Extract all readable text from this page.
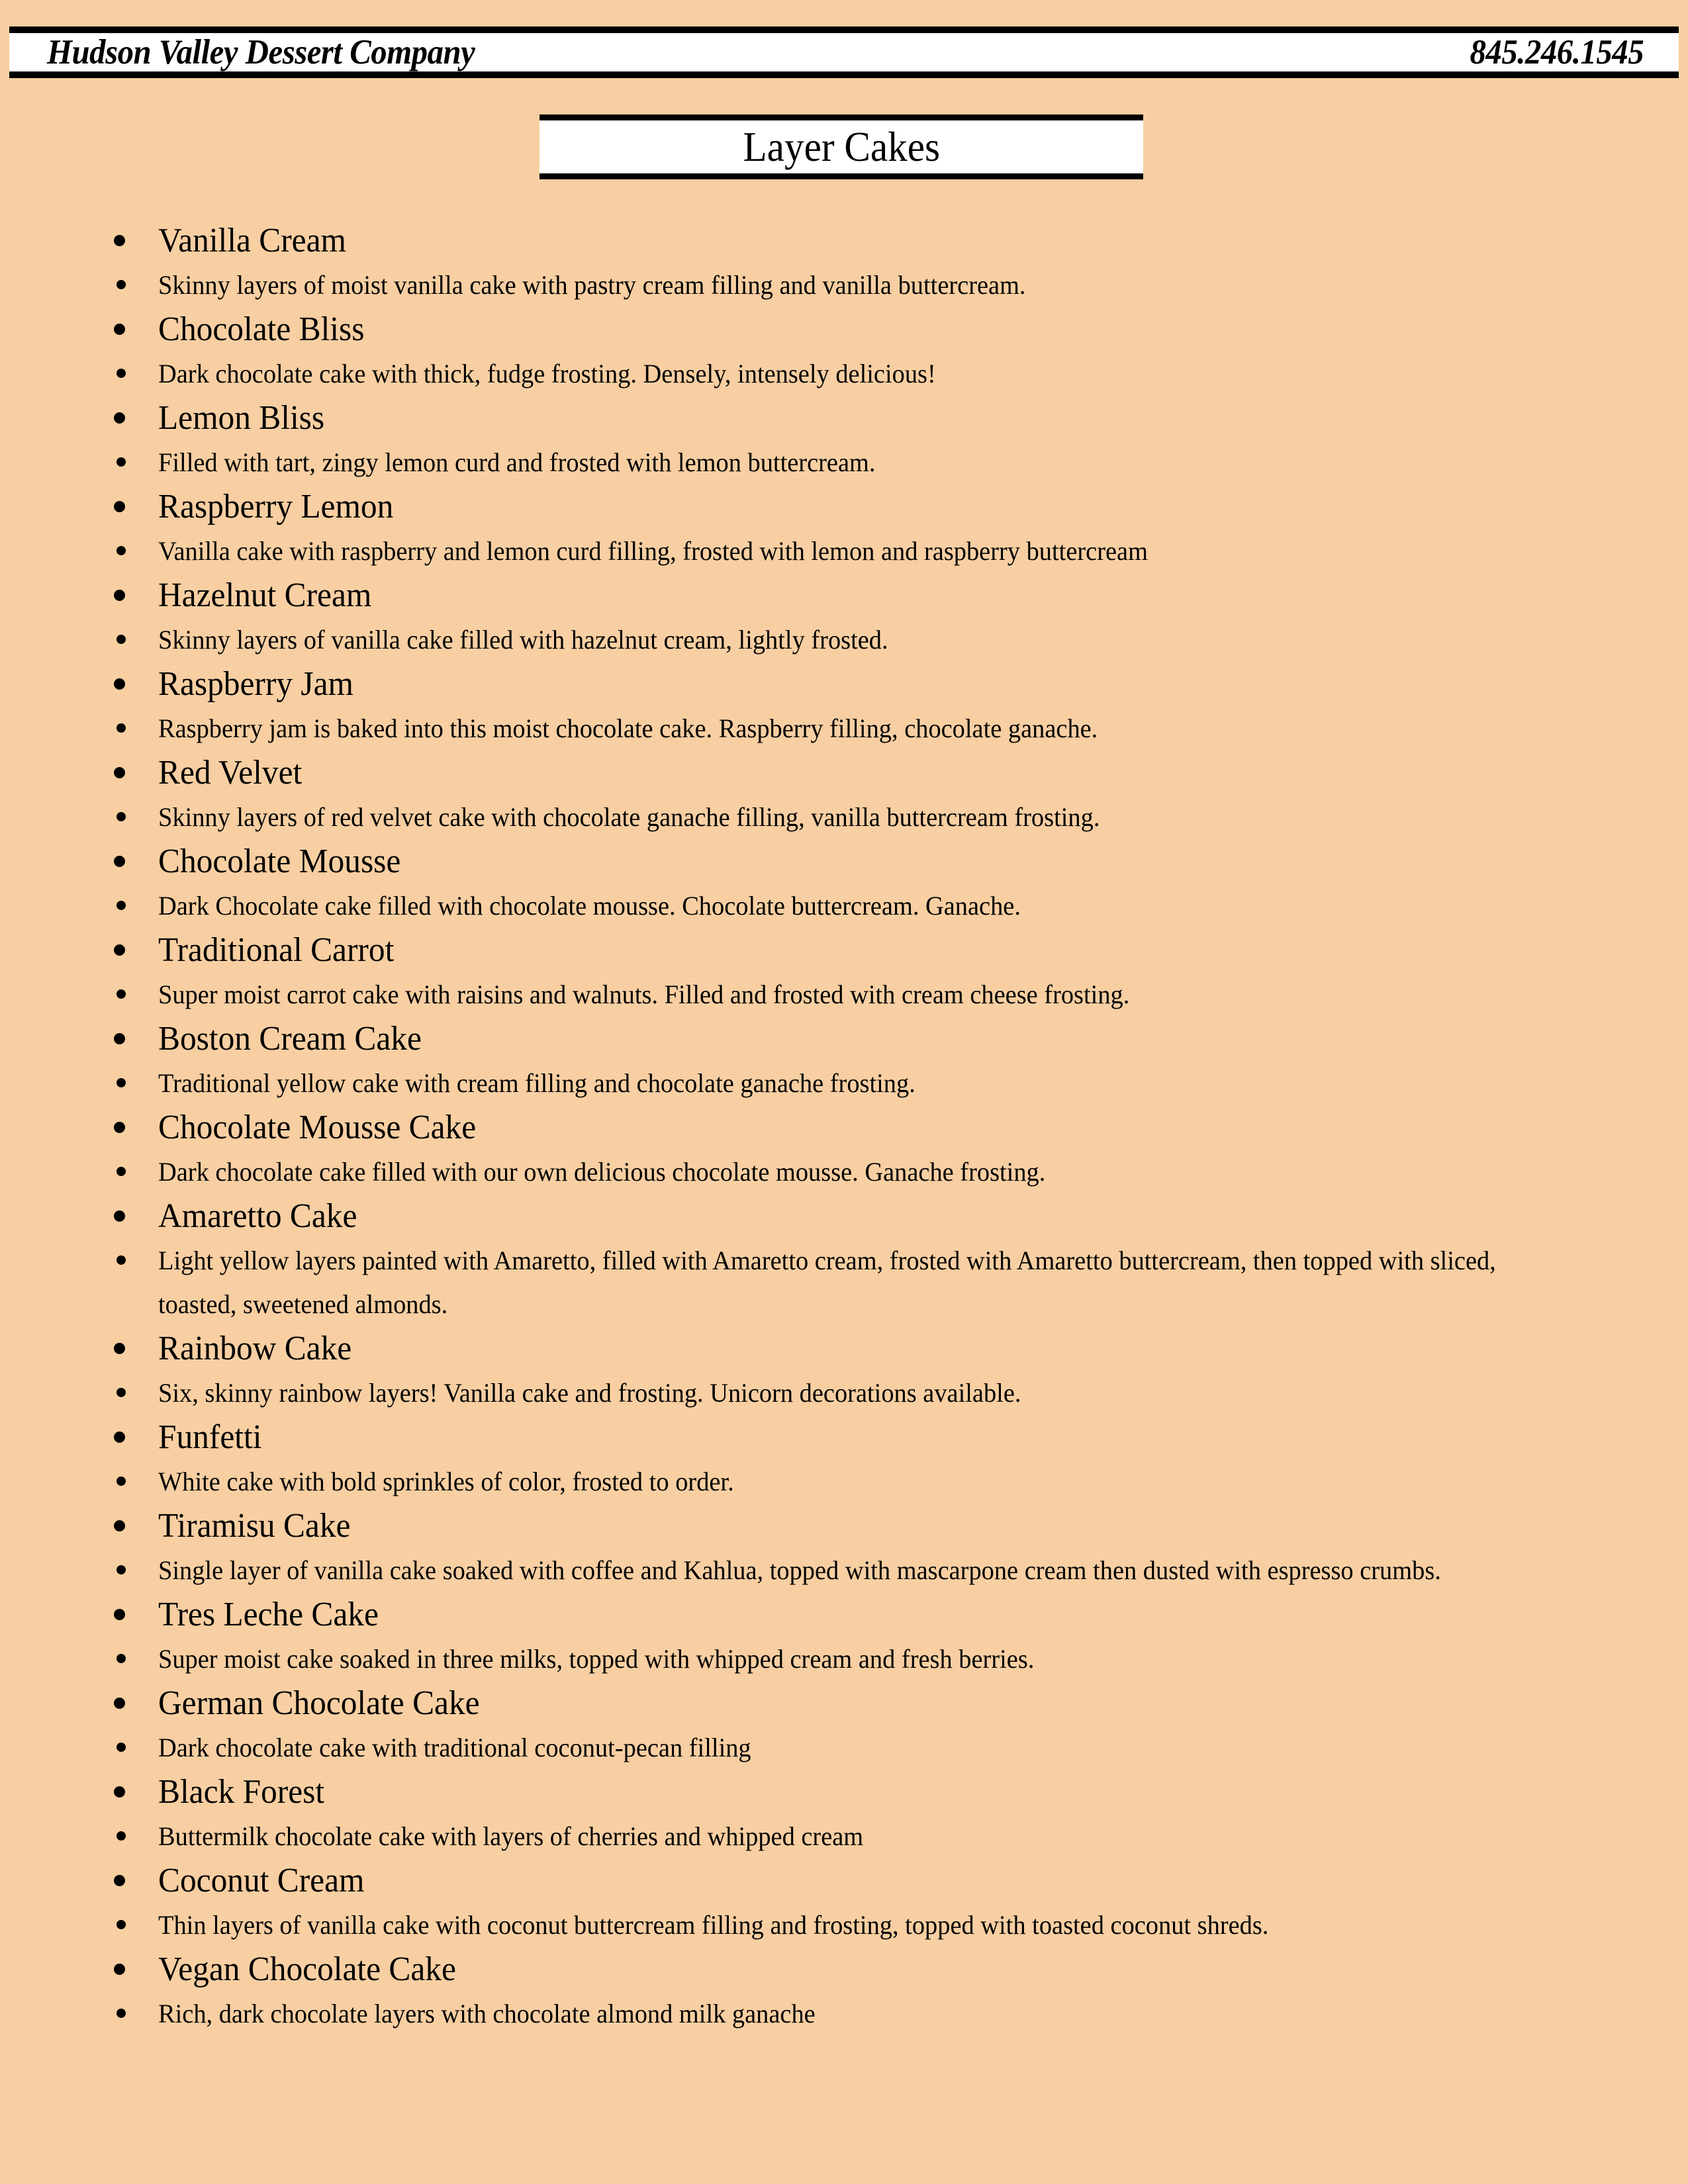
Hudson Valley Dessert Company	845.246.1545
Layer Cakes
Vanilla Cream
Skinny layers of moist vanilla cake with pastry cream filling and vanilla buttercream.
Chocolate Bliss
Dark chocolate cake with thick, fudge frosting. Densely, intensely delicious!
Lemon Bliss
Filled with tart, zingy lemon curd and frosted with lemon buttercream.
Raspberry Lemon
Vanilla cake with raspberry and lemon curd filling, frosted with lemon and raspberry buttercream
Hazelnut Cream
Skinny layers of vanilla cake filled with hazelnut cream, lightly frosted.
Raspberry Jam
Raspberry jam is baked into this moist chocolate cake. Raspberry filling, chocolate ganache.
Red Velvet
Skinny layers of red velvet cake with chocolate ganache filling, vanilla buttercream frosting.
Chocolate Mousse
Dark Chocolate cake filled with chocolate mousse. Chocolate buttercream. Ganache.
Traditional Carrot
Super moist carrot cake with raisins and walnuts. Filled and frosted with cream cheese frosting.
Boston Cream Cake
Traditional yellow cake with cream filling and chocolate ganache frosting.
Chocolate Mousse Cake
Dark chocolate cake filled with our own delicious chocolate mousse. Ganache frosting.
Amaretto Cake
Light yellow layers painted with Amaretto, filled with Amaretto cream, frosted with Amaretto buttercream, then topped with sliced, toasted, sweetened almonds.
Rainbow Cake
Six, skinny rainbow layers! Vanilla cake and frosting. Unicorn decorations available.
Funfetti
White cake with bold sprinkles of color, frosted to order.
Tiramisu Cake
Single layer of vanilla cake soaked with coffee and Kahlua, topped with mascarpone cream then dusted with espresso crumbs.
Tres Leche Cake
Super moist cake soaked in three milks, topped with whipped cream and fresh berries.
German Chocolate Cake
Dark chocolate cake with traditional coconut-pecan filling
Black Forest
Buttermilk chocolate cake with layers of cherries and whipped cream
Coconut Cream
Thin layers of vanilla cake with coconut buttercream filling and frosting, topped with toasted coconut shreds.
Vegan Chocolate Cake
Rich, dark chocolate layers with chocolate almond milk ganache
